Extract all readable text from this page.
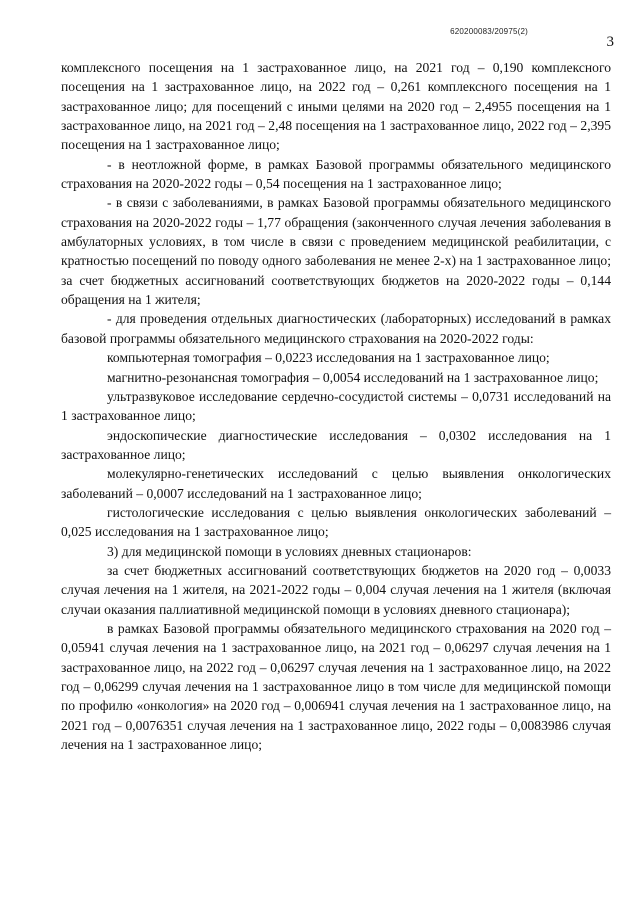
620200083/20975(2)
3

комплексного посещения на 1 застрахованное лицо, на 2021 год – 0,190 комплексного посещения на 1 застрахованное лицо, на 2022 год – 0,261 комплексного посещения на 1 застрахованное лицо; для посещений с иными целями на 2020 год – 2,4955 посещения на 1 застрахованное лицо, на 2021 год – 2,48 посещения на 1 застрахованное лицо, 2022 год – 2,395 посещения на 1 застрахованное лицо;

- в неотложной форме, в рамках Базовой программы обязательного медицинского страхования на 2020-2022 годы – 0,54 посещения на 1 застрахованное лицо;

- в связи с заболеваниями, в рамках Базовой программы обязательного медицинского страхования на 2020-2022 годы – 1,77 обращения (законченного случая лечения заболевания в амбулаторных условиях, в том числе в связи с проведением медицинской реабилитации, с кратностью посещений по поводу одного заболевания не менее 2-х) на 1 застрахованное лицо; за счет бюджетных ассигнований соответствующих бюджетов на 2020-2022 годы – 0,144 обращения на 1 жителя;

- для проведения отдельных диагностических (лабораторных) исследований в рамках базовой программы обязательного медицинского страхования на 2020-2022 годы:

компьютерная томография – 0,0223 исследования на 1 застрахованное лицо;

магнитно-резонансная томография – 0,0054 исследований на 1 застрахованное лицо;

ультразвуковое исследование сердечно-сосудистой системы – 0,0731 исследований на 1 застрахованное лицо;

эндоскопические диагностические исследования – 0,0302 исследования на 1 застрахованное лицо;

молекулярно-генетических исследований с целью выявления онкологических заболеваний – 0,0007 исследований на 1 застрахованное лицо;

гистологические исследования с целью выявления онкологических заболеваний – 0,025 исследования на 1 застрахованное лицо;

3) для медицинской помощи в условиях дневных стационаров:

за счет бюджетных ассигнований соответствующих бюджетов на 2020 год – 0,0033 случая лечения на 1 жителя, на 2021-2022 годы – 0,004 случая лечения на 1 жителя (включая случаи оказания паллиативной медицинской помощи в условиях дневного стационара);

в рамках Базовой программы обязательного медицинского страхования на 2020 год – 0,05941 случая лечения на 1 застрахованное лицо, на 2021 год – 0,06297 случая лечения на 1 застрахованное лицо, на 2022 год – 0,06297 случая лечения на 1 застрахованное лицо, на 2022 год – 0,06299 случая лечения на 1 застрахованное лицо в том числе для медицинской помощи по профилю «онкология» на 2020 год – 0,006941 случая лечения на 1 застрахованное лицо, на 2021 год – 0,0076351 случая лечения на 1 застрахованное лицо, 2022 годы – 0,0083986 случая лечения на 1 застрахованное лицо;
